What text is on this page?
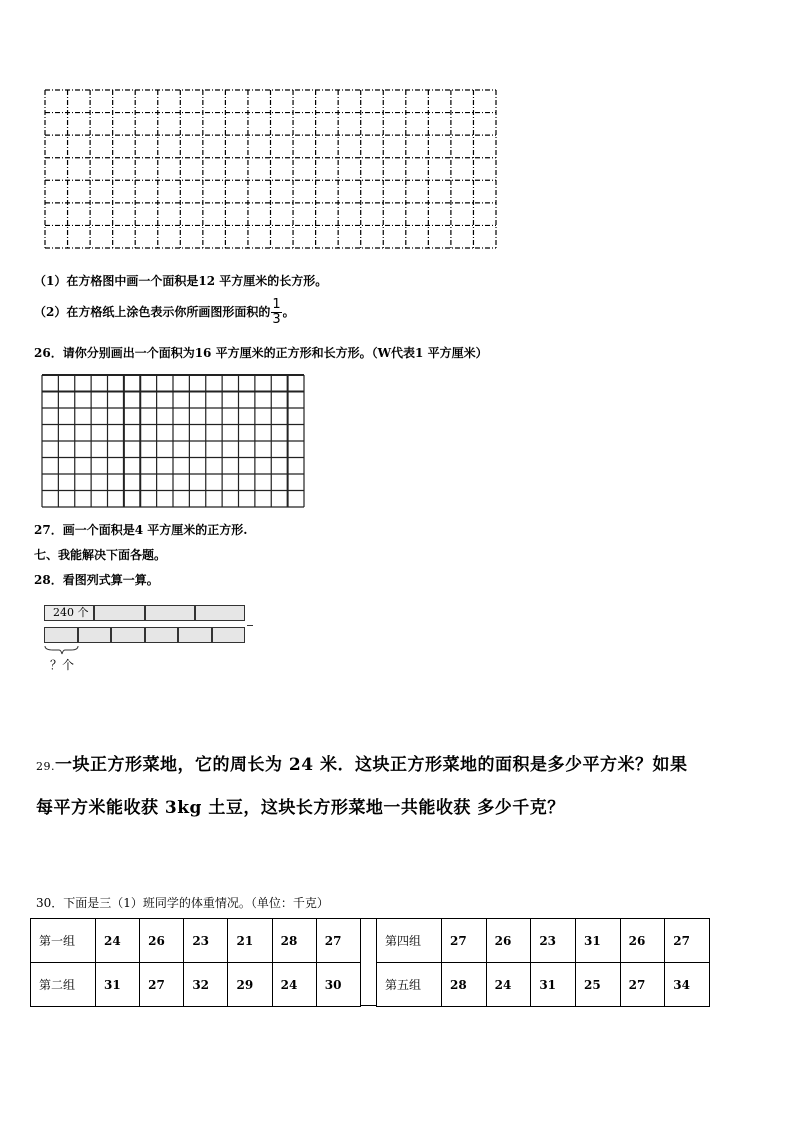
（1）在方格图中画一个面积是12 平方厘米的长方形。
（2）在方格纸上涂色表示你所画图形面积的 $\frac{1}{3}$ 。
26．请你分别画出一个面积为16 平方厘米的正方形和长方形。（W代表1 平方厘米）
27．画一个面积是4 平方厘米的正方形.
七、我能解决下面各题。
28．看图列式算一算。
240 个
？个
29.一块正方形菜地，它的周长为 24 米．这块正方形菜地的面积是多少平方米？如果
每平方米能收获 3kg 土豆，这块长方形菜地一共能收获 多少千克？
30．下面是三（1）班同学的体重情况。（单位：千克）
第一组	24	26	23	21	28	27
第二组	31	27	32	29	24	30
第四组	27	26	23	31	26	27
第五组	28	24	31	25	27	34
